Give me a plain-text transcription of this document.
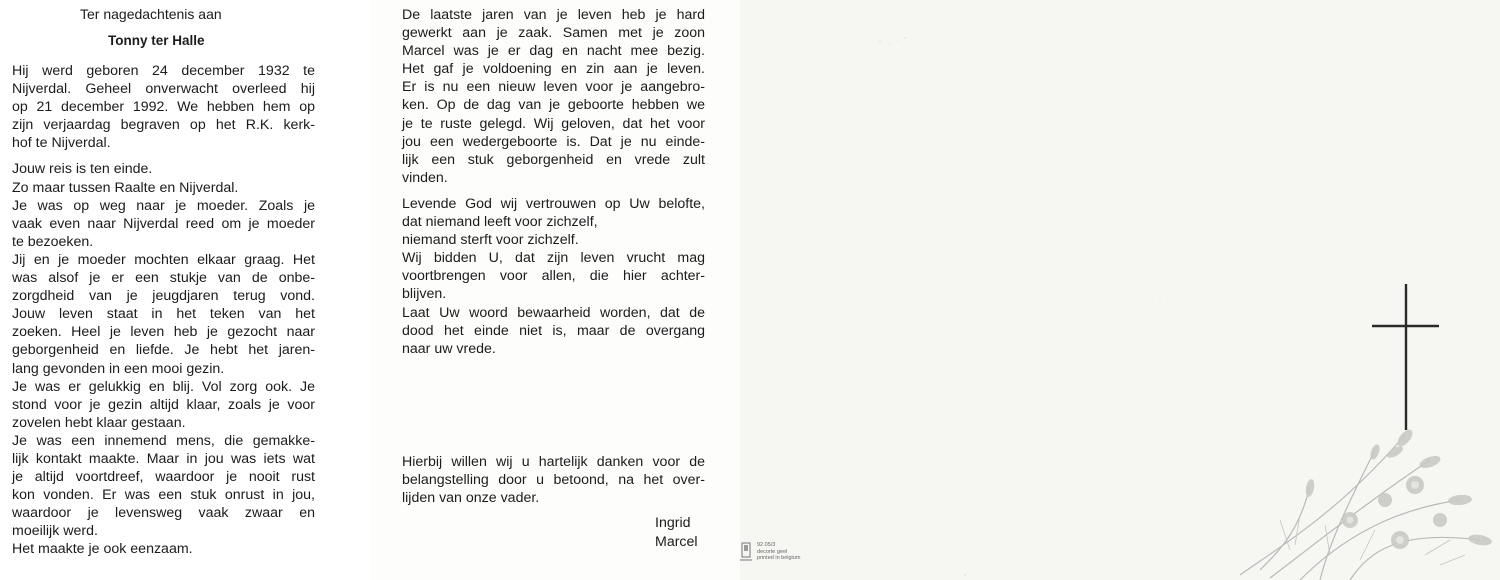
Ter nagedachtenis aan
Tonny ter Halle
Hij werd geboren 24 december 1932 te
Nijverdal. Geheel onverwacht overleed hij
op 21 december 1992. We hebben hem op
zijn verjaardag begraven op het R.K. kerk-
hof te Nijverdal.
Jouw reis is ten einde.
Zo maar tussen Raalte en Nijverdal.
Je was op weg naar je moeder. Zoals je
vaak even naar Nijverdal reed om je moeder
te bezoeken.
Jij en je moeder mochten elkaar graag. Het
was alsof je er een stukje van de onbe-
zorgdheid van je jeugdjaren terug vond.
Jouw leven staat in het teken van het
zoeken. Heel je leven heb je gezocht naar
geborgenheid en liefde. Je hebt het jaren-
lang gevonden in een mooi gezin.
Je was er gelukkig en blij. Vol zorg ook. Je
stond voor je gezin altijd klaar, zoals je voor
zovelen hebt klaar gestaan.
Je was een innemend mens, die gemakke-
lijk kontakt maakte. Maar in jou was iets wat
je altijd voortdreef, waardoor je nooit rust
kon vonden. Er was een stuk onrust in jou,
waardoor je levensweg vaak zwaar en
moeilijk werd.
Het maakte je ook eenzaam.
De laatste jaren van je leven heb je hard
gewerkt aan je zaak. Samen met je zoon
Marcel was je er dag en nacht mee bezig.
Het gaf je voldoening en zin aan je leven.
Er is nu een nieuw leven voor je aangebro-
ken. Op de dag van je geboorte hebben we
je te ruste gelegd. Wij geloven, dat het voor
jou een wedergeboorte is. Dat je nu einde-
lijk een stuk geborgenheid en vrede zult
vinden.
Levende God wij vertrouwen op Uw belofte,
dat niemand leeft voor zichzelf,
niemand sterft voor zichzelf.
Wij bidden U, dat zijn leven vrucht mag
voortbrengen voor allen, die hier achter-
blijven.
Laat Uw woord bewaarheid worden, dat de
dood het einde niet is, maar de overgang
naar uw vrede.
Hierbij willen wij u hartelijk danken voor de
belangstelling door u betoond, na het over-
lijden van onze vader.
Ingrid
Marcel	92.05/3
decorte geel
printed in belgium
